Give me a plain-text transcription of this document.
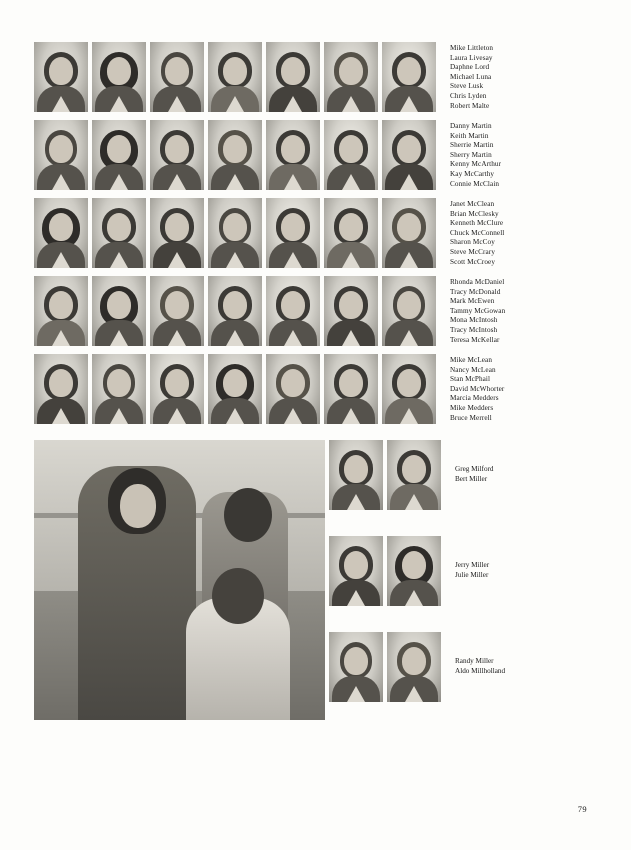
Mike Littleton
Laura Livesay
Daphne Lord
Michael Luna
Steve Lusk
Chris Lyden
Robert Malte
Danny Martin
Keith Martin
Sherrie Martin
Sherry Martin
Kenny McArthur
Kay McCarthy
Connie McClain
Janet McClean
Brian McClesky
Kenneth McClure
Chuck McConnell
Sharon McCoy
Steve McCrary
Scott McCroey
Rhonda McDaniel
Tracy McDonald
Mark McEwen
Tammy McGowan
Mona McIntosh
Tracy McIntosh
Teresa McKellar
Mike McLean
Nancy McLean
Stan McPhail
David McWhorter
Marcia Medders
Mike Medders
Bruce Merrell
Greg Milford
Bert Miller
Jerry Miller
Julie Miller
Randy Miller
Aldo Millholland
79
